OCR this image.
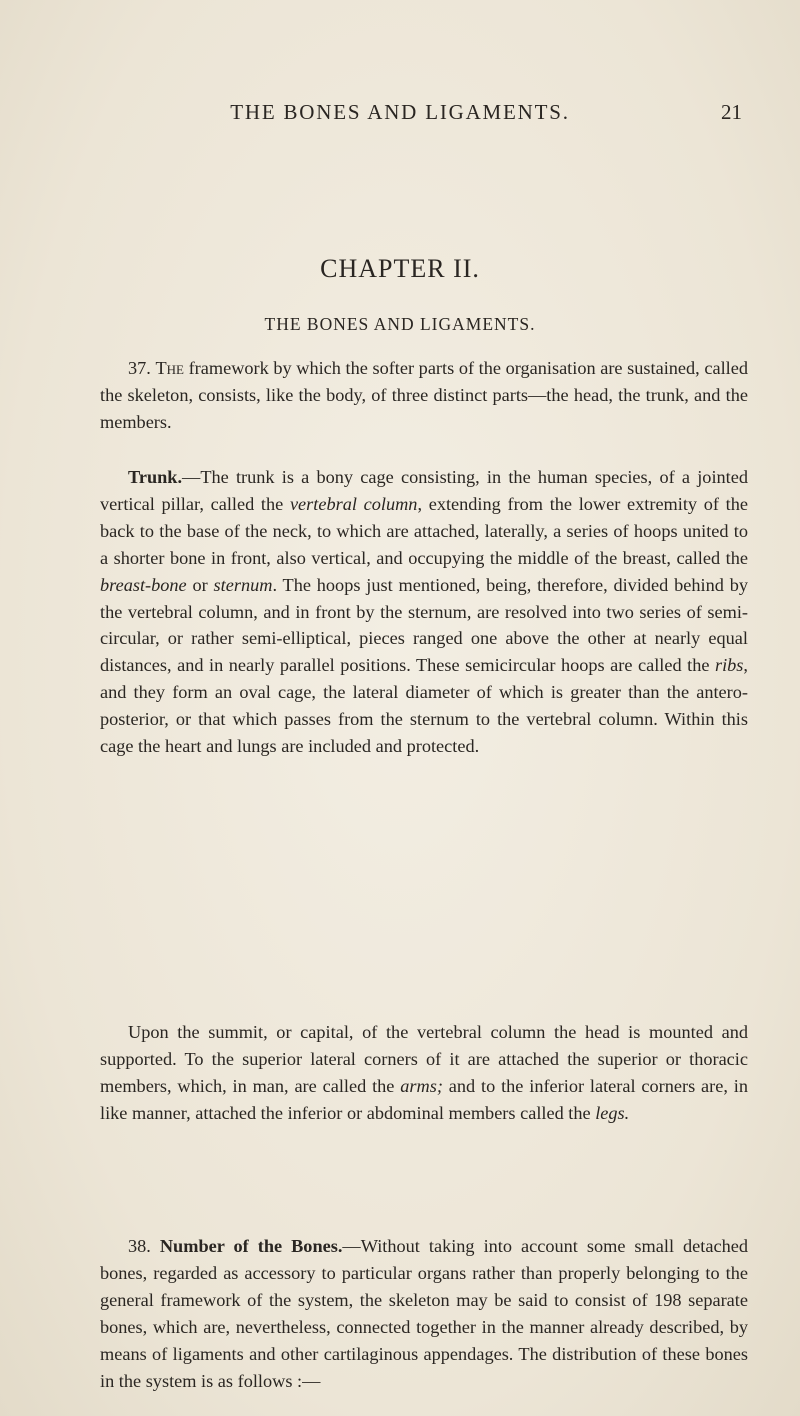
THE BONES AND LIGAMENTS.	21
CHAPTER II.
THE BONES AND LIGAMENTS.

37. The framework by which the softer parts of the organisation are sustained, called the skeleton, consists, like the body, of three distinct parts—the head, the trunk, and the members.

Trunk.—The trunk is a bony cage consisting, in the human species, of a jointed vertical pillar, called the vertebral column, extending from the lower extremity of the back to the base of the neck, to which are attached, laterally, a series of hoops united to a shorter bone in front, also vertical, and occupying the middle of the breast, called the breast-bone or sternum. The hoops just mentioned, being, therefore, divided behind by the vertebral column, and in front by the sternum, are resolved into two series of semi-circular, or rather semi-elliptical, pieces ranged one above the other at nearly equal distances, and in nearly parallel positions. These semicircular hoops are called the ribs, and they form an oval cage, the lateral diameter of which is greater than the antero-posterior, or that which passes from the sternum to the vertebral column. Within this cage the heart and lungs are included and protected.

Upon the summit, or capital, of the vertebral column the head is mounted and supported. To the superior lateral corners of it are attached the superior or thoracic members, which, in man, are called the arms; and to the inferior lateral corners are, in like manner, attached the inferior or abdominal members called the legs.

38. Number of the Bones.—Without taking into account some small detached bones, regarded as accessory to particular organs rather than properly belonging to the general framework of the system, the skeleton may be said to consist of 198 separate bones, which are, nevertheless, connected together in the manner already described, by means of ligaments and other cartilaginous appendages. The distribution of these bones in the system is as follows :—
